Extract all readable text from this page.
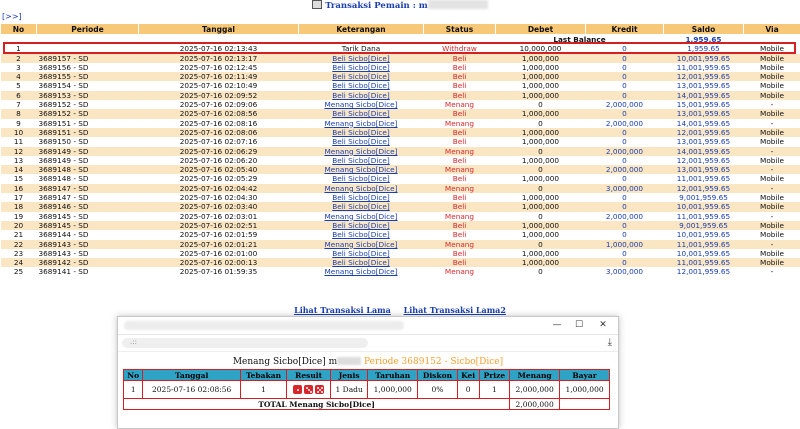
Transaksi Pemain : m
[>>]
No	Periode	Tanggal	Keterangan	Status	Debet	Kredit	Saldo	Via
					Last Balance		1,959.65	
1		2025-07-16 02:13:43	Tarik Dana	Withdraw	10,000,000	0	1,959.65	Mobile
2	3689157 - SD	2025-07-16 02:13:17	Beli Sicbo[Dice]	Beli	1,000,000	0	10,001,959.65	Mobile
3	3689156 - SD	2025-07-16 02:12:45	Beli Sicbo[Dice]	Beli	1,000,000	0	11,001,959.65	Mobile
4	3689155 - SD	2025-07-16 02:11:49	Beli Sicbo[Dice]	Beli	1,000,000	0	12,001,959.65	Mobile
5	3689154 - SD	2025-07-16 02:10:49	Beli Sicbo[Dice]	Beli	1,000,000	0	13,001,959.65	Mobile
6	3689153 - SD	2025-07-16 02:09:52	Beli Sicbo[Dice]	Beli	1,000,000	0	14,001,959.65	Mobile
7	3689152 - SD	2025-07-16 02:09:06	Menang Sicbo[Dice]	Menang	0	2,000,000	15,001,959.65	-
8	3689152 - SD	2025-07-16 02:08:56	Beli Sicbo[Dice]	Beli	1,000,000	0	13,001,959.65	Mobile
9	3689151 - SD	2025-07-16 02:08:16	Menang Sicbo[Dice]	Menang	0	2,000,000	14,001,959.65	-
10	3689151 - SD	2025-07-16 02:08:06	Beli Sicbo[Dice]	Beli	1,000,000	0	12,001,959.65	Mobile
11	3689150 - SD	2025-07-16 02:07:16	Beli Sicbo[Dice]	Beli	1,000,000	0	13,001,959.65	Mobile
12	3689149 - SD	2025-07-16 02:06:29	Menang Sicbo[Dice]	Menang	0	2,000,000	14,001,959.65	-
13	3689149 - SD	2025-07-16 02:06:20	Beli Sicbo[Dice]	Beli	1,000,000	0	12,001,959.65	Mobile
14	3689148 - SD	2025-07-16 02:05:40	Menang Sicbo[Dice]	Menang	0	2,000,000	13,001,959.65	-
15	3689148 - SD	2025-07-16 02:05:29	Beli Sicbo[Dice]	Beli	1,000,000	0	11,001,959.65	Mobile
16	3689147 - SD	2025-07-16 02:04:42	Menang Sicbo[Dice]	Menang	0	3,000,000	12,001,959.65	-
17	3689147 - SD	2025-07-16 02:04:30	Beli Sicbo[Dice]	Beli	1,000,000	0	9,001,959.65	Mobile
18	3689146 - SD	2025-07-16 02:03:40	Beli Sicbo[Dice]	Beli	1,000,000	0	10,001,959.65	Mobile
19	3689145 - SD	2025-07-16 02:03:01	Menang Sicbo[Dice]	Menang	0	2,000,000	11,001,959.65	-
20	3689145 - SD	2025-07-16 02:02:51	Beli Sicbo[Dice]	Beli	1,000,000	0	9,001,959.65	Mobile
21	3689144 - SD	2025-07-16 02:01:59	Beli Sicbo[Dice]	Beli	1,000,000	0	10,001,959.65	Mobile
22	3689143 - SD	2025-07-16 02:01:21	Menang Sicbo[Dice]	Menang	0	1,000,000	11,001,959.65	-
23	3689143 - SD	2025-07-16 02:01:00	Beli Sicbo[Dice]	Beli	1,000,000	0	10,001,959.65	Mobile
24	3689142 - SD	2025-07-16 02:00:13	Beli Sicbo[Dice]	Beli	1,000,000	0	11,001,959.65	Mobile
25	3689141 - SD	2025-07-16 01:59:35	Menang Sicbo[Dice]	Menang	0	3,000,000	12,001,959.65	-
Lihat Transaksi Lama Lihat Transaksi Lama2
—	☐	✕
.::	⤓
Menang Sicbo[Dice] m	Periode 3689152 - Sicbo[Dice]
No	Tanggal	Tebakan	Result	Jenis	Taruhan	Diskon	Kei	Prize	Menang	Bayar
1	2025-07-16 02:08:56	1		1 Dadu	1,000,000	0%	0	1	2,000,000	1,000,000
TOTAL Menang Sicbo[Dice]									2,000,000	
